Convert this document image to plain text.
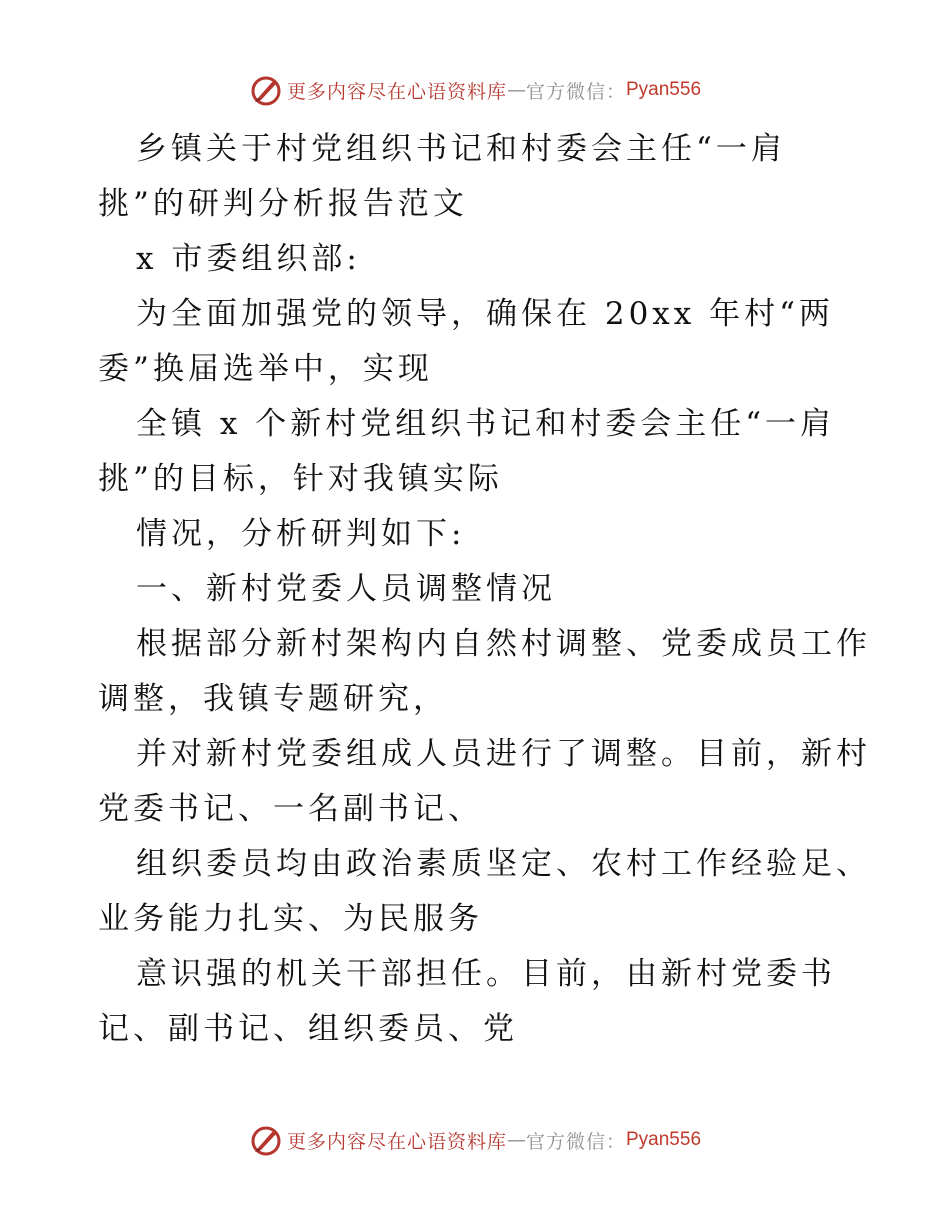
更多内容尽在心语资料库 — 官方微信： Pyan556
乡镇关于村党组织书记和村委会主任“一肩
挑”的研判分析报告范文
x 市委组织部:
为全面加强党的领导，确保在 20xx 年村“两
委”换届选举中，实现
全镇 x 个新村党组织书记和村委会主任“一肩
挑”的目标，针对我镇实际
情况，分析研判如下:
一、新村党委人员调整情况
根据部分新村架构内自然村调整、党委成员工作
调整，我镇专题研究，
并对新村党委组成人员进行了调整。目前，新村
党委书记、一名副书记、
组织委员均由政治素质坚定、农村工作经验足、
业务能力扎实、为民服务
意识强的机关干部担任。目前，由新村党委书
记、副书记、组织委员、党
更多内容尽在心语资料库 — 官方微信： Pyan556
